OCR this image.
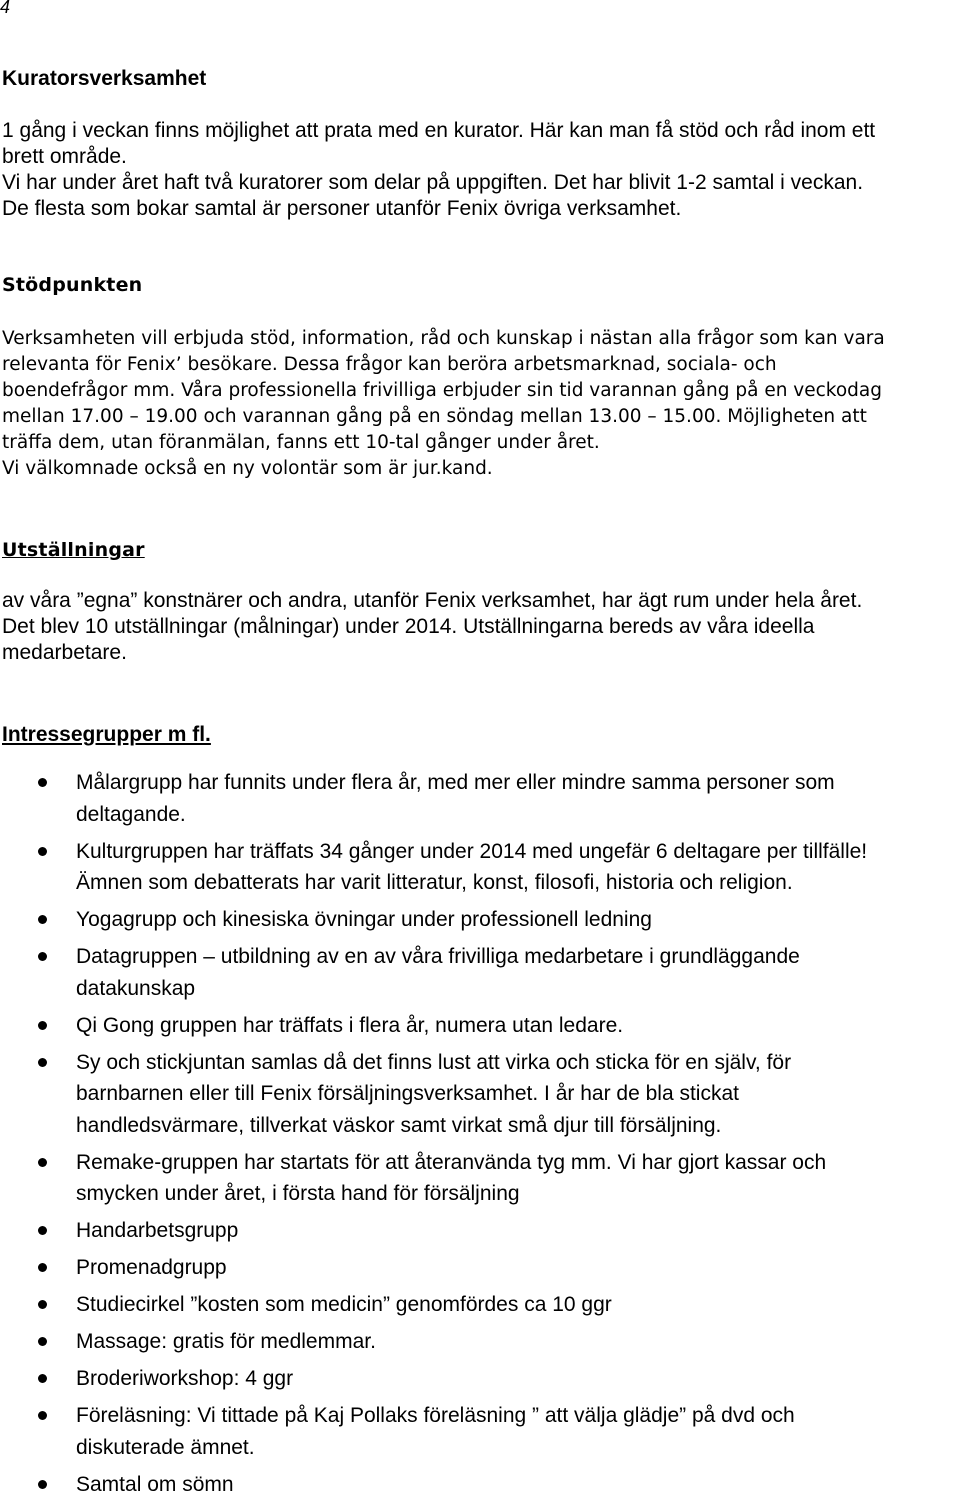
4
Kuratorsverksamhet

1 gång i veckan finns möjlighet att prata med en kurator. Här kan man få stöd och råd inom ett
brett område.
Vi har under året haft två kuratorer som delar på uppgiften. Det har blivit 1-2 samtal i veckan.
De flesta som bokar samtal är personer utanför Fenix övriga verksamhet.

Stödpunkten

Verksamheten vill erbjuda stöd, information, råd och kunskap i nästan alla frågor som kan vara
relevanta för Fenix’ besökare. Dessa frågor kan beröra arbetsmarknad, sociala- och
boendefrågor mm. Våra professionella frivilliga erbjuder sin tid varannan gång på en veckodag
mellan 17.00 – 19.00 och varannan gång på en söndag mellan 13.00 – 15.00. Möjligheten att
träffa dem, utan föranmälan, fanns ett 10-tal gånger under året.
Vi välkomnade också en ny volontär som är jur.kand.

Utställningar

av våra ”egna” konstnärer och andra, utanför Fenix verksamhet, har ägt rum under hela året.
Det blev 10 utställningar (målningar) under 2014. Utställningarna bereds av våra ideella
medarbetare.

Intressegrupper m fl.
Målargrupp har funnits under flera år, med mer eller mindre samma personer som
deltagande.
Kulturgruppen har träffats 34 gånger under 2014 med ungefär 6 deltagare per tillfälle!
Ämnen som debatterats har varit litteratur, konst, filosofi, historia och religion.
Yogagrupp och kinesiska övningar under professionell ledning
Datagruppen – utbildning av en av våra frivilliga medarbetare i grundläggande
datakunskap
Qi Gong gruppen har träffats i flera år, numera utan ledare.
Sy och stickjuntan samlas då det finns lust att virka och sticka för en själv, för
barnbarnen eller till Fenix försäljningsverksamhet. I år har de bla stickat
handledsvärmare, tillverkat väskor samt virkat små djur till försäljning.
Remake-gruppen har startats för att återanvända tyg mm. Vi har gjort kassar och
smycken under året, i första hand för försäljning
Handarbetsgrupp
Promenadgrupp
Studiecirkel ”kosten som medicin” genomfördes ca 10 ggr
Massage: gratis för medlemmar.
Broderiworkshop: 4 ggr
Föreläsning: Vi tittade på Kaj Pollaks föreläsning ” att välja glädje” på dvd och
diskuterade ämnet.
Samtal om sömn
